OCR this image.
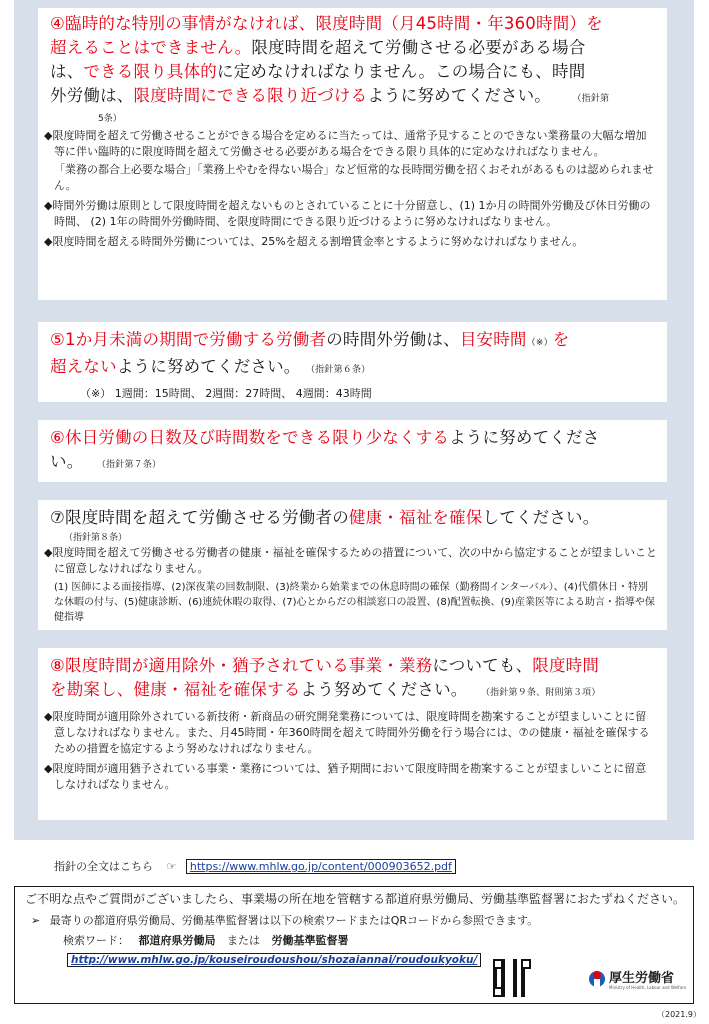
④臨時的な特別の事情がなければ、限度時間（月45時間・年360時間）を

超えることはできません。限度時間を超えて労働させる必要がある場合

は、できる限り具体的に定めなければなりません。この場合にも、時間

外労働は、限度時間にできる限り近づけるように努めてください。 （指針第

5条）

◆限度時間を超えて労働させることができる場合を定めるに当たっては、通常予見することのできない業務量の大幅な増加等に伴い臨時的に限度時間を超えて労働させる必要がある場合をできる限り具体的に定めなければなりません。

「業務の都合上必要な場合」「業務上やむを得ない場合」など恒常的な長時間労働を招くおそれがあるものは認められません。

◆時間外労働は原則として限度時間を超えないものとされていることに十分留意し、(1) 1か月の時間外労働及び休日労働の時間、 (2) 1年の時間外労働時間、を限度時間にできる限り近づけるように努めなければなりません。

◆限度時間を超える時間外労働については、25%を超える割増賃金率とするように努めなければなりません。

⑤1か月未満の期間で労働する労働者の時間外労働は、目安時間（※）を

超えないように努めてください。 （指針第６条）

（※） 1週間：15時間、 2週間：27時間、 4週間：43時間

⑥休日労働の日数及び時間数をできる限り少なくするように努めてくださ

い。 （指針第７条）

⑦限度時間を超えて労働させる労働者の健康・福祉を確保してください。

（指針第８条）

◆限度時間を超えて労働させる労働者の健康・福祉を確保するための措置について、次の中から協定することが望ましいことに留意しなければなりません。

(1) 医師による面接指導、(2)深夜業の回数制限、(3)終業から始業までの休息時間の確保（勤務間インターバル）、(4)代償休日・特別な休暇の付与、(5)健康診断、(6)連続休暇の取得、(7)心とからだの相談窓口の設置、(8)配置転換、(9)産業医等による助言・指導や保健指導

⑧限度時間が適用除外・猶予されている事業・業務についても、限度時間

を勘案し、健康・福祉を確保するよう努めてください。 （指針第９条、附則第３項）

◆限度時間が適用除外されている新技術・新商品の研究開発業務については、限度時間を勘案することが望ましいことに留意しなければなりません。また、月45時間・年360時間を超えて時間外労働を行う場合には、⑦の健康・福祉を確保するための措置を協定するよう努めなければなりません。

◆限度時間が適用猶予されている事業・業務については、猶予期間において限度時間を勘案することが望ましいことに留意しなければなりません。

指針の全文はこちら ☞ https://www.mhlw.go.jp/content/000903652.pdf

ご不明な点やご質問がございましたら、事業場の所在地を管轄する都道府県労働局、労働基準監督署におたずねください。

➢ 最寄りの都道府県労働局、労働基準監督署は以下の検索ワードまたはQRコードから参照できます。

検索ワード： 都道府県労働局 または 労働基準監督署

http://www.mhlw.go.jp/kouseiroudoushou/shozaiannai/roudoukyoku/

厚生労働省
Ministry of Health, Labour and Welfare
（2021.9）
